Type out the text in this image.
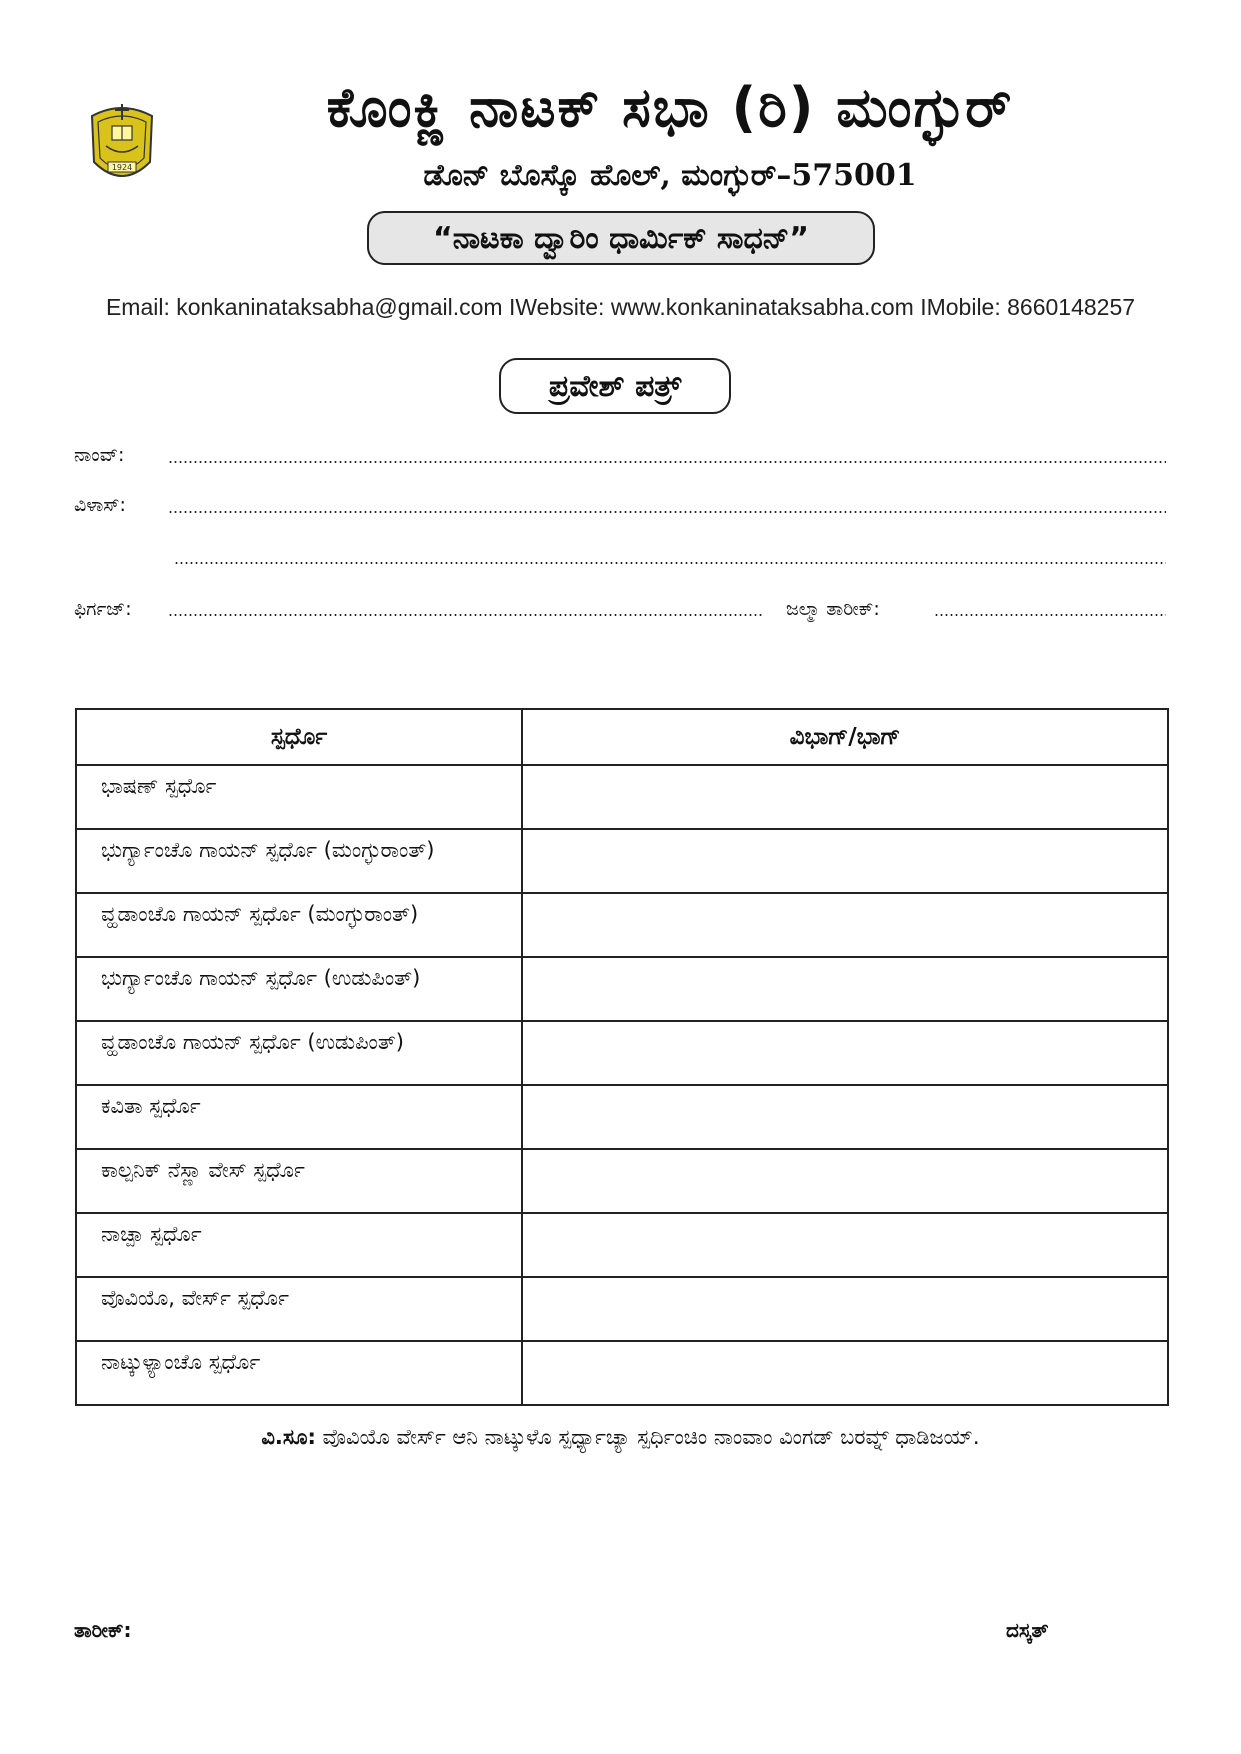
1924
ಕೊಂಕ್ಣಿ ನಾಟಕ್ ಸಭಾ (ರಿ) ಮಂಗ್ಳುರ್
ಡೊನ್ ಬೊಸ್ಕೊ ಹೊಲ್, ಮಂಗ್ಳುರ್–575001
“ನಾಟಕಾ ದ್ವಾರಿಂ ಧಾರ್ಮಿಕ್ ಸಾಧನ್”
Email: konkaninataksabha@gmail.com IWebsite: www.konkaninataksabha.com IMobile: 8660148257
ಪ್ರವೇಶ್ ಪತ್ರ್
ನಾಂವ್:
ವಿಳಾಸ್:
ಫಿರ್ಗಜ್:	ಜಲ್ಮಾ ತಾರೀಕ್:
ಸ್ಪರ್ಧೊ	ವಿಭಾಗ್/ಭಾಗ್
ಭಾಷಣ್ ಸ್ಪರ್ಧೊ	
ಭುರ್ಗ್ಯಾಂಚೊ ಗಾಯನ್ ಸ್ಪರ್ಧೊ (ಮಂಗ್ಳುರಾಂತ್)	
ವ್ಹಡಾಂಚೊ ಗಾಯನ್ ಸ್ಪರ್ಧೊ (ಮಂಗ್ಳುರಾಂತ್)	
ಭುರ್ಗ್ಯಾಂಚೊ ಗಾಯನ್ ಸ್ಪರ್ಧೊ (ಉಡುಪಿಂತ್)	
ವ್ಹಡಾಂಚೊ ಗಾಯನ್ ಸ್ಪರ್ಧೊ (ಉಡುಪಿಂತ್)	
ಕವಿತಾ ಸ್ಪರ್ಧೊ	
ಕಾಲ್ಪನಿಕ್ ನೆಸ್ಣಾ ವೇಸ್ ಸ್ಪರ್ಧೊ	
ನಾಚ್ಪಾ ಸ್ಪರ್ಧೊ	
ವೊವಿಯೊ, ವೇರ್ಸ್ ಸ್ಪರ್ಧೊ	
ನಾಟ್ಕುಳ್ಯಾಂಚೊ ಸ್ಪರ್ಧೊ	
ವಿ.ಸೂ: ವೊವಿಯೊ ವೇರ್ಸ್ ಆನಿ ನಾಟ್ಕುಳೊ ಸ್ಪರ್ಧ್ಯಾಚ್ಯಾ ಸ್ಪರ್ಧಿಂಚಿಂ ನಾಂವಾಂ ವಿಂಗಡ್ ಬರವ್ನ್ ಧಾಡಿಜಯ್.
ತಾರೀಕ್:	ದಸ್ಕತ್
